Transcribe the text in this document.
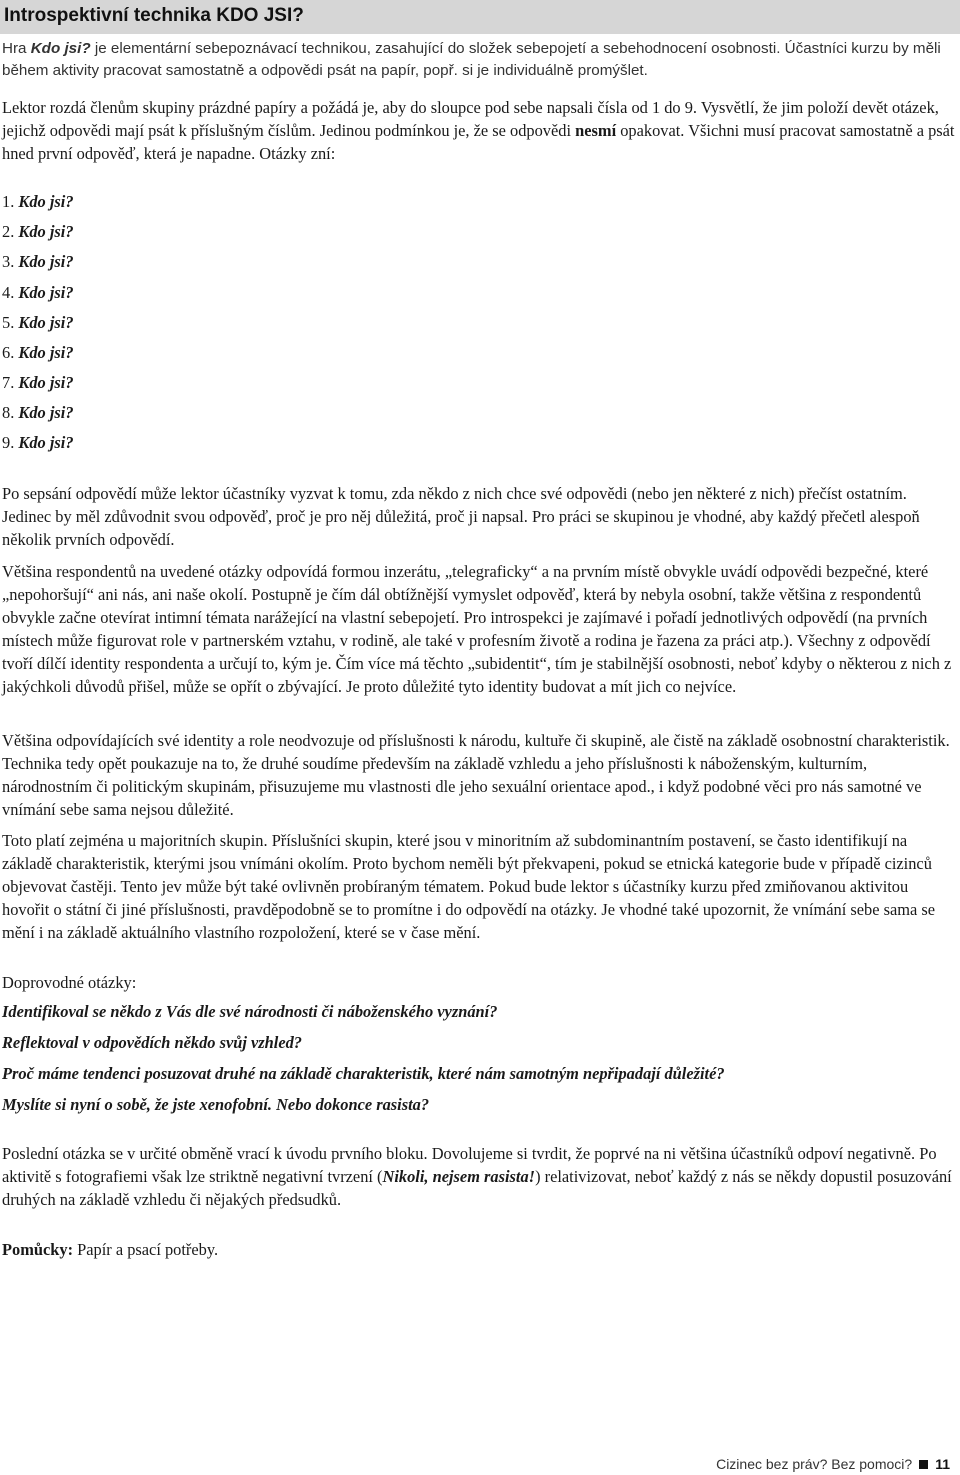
Introspektivní technika KDO JSI?

Hra Kdo jsi? je elementární sebepoznávací technikou, zasahující do složek sebepojetí a sebehodnocení osobnosti. Účastníci kurzu by měli během aktivity pracovat samostatně a odpovědi psát na papír, popř. si je individuálně promýšlet.

Lektor rozdá členům skupiny prázdné papíry a požádá je, aby do sloupce pod sebe napsali čísla od 1 do 9. Vysvětlí, že jim položí devět otázek, jejichž odpovědi mají psát k příslušným číslům. Jedinou podmínkou je, že se odpovědi nesmí opakovat. Všichni musí pracovat samostatně a psát hned první odpověď, která je napadne. Otázky zní:

1. Kdo jsi?

2. Kdo jsi?

3. Kdo jsi?

4. Kdo jsi?

5. Kdo jsi?

6. Kdo jsi?

7. Kdo jsi?

8. Kdo jsi?

9. Kdo jsi?

Po sepsání odpovědí může lektor účastníky vyzvat k tomu, zda někdo z nich chce své odpovědi (nebo jen některé z nich) přečíst ostatním. Jedinec by měl zdůvodnit svou odpověď, proč je pro něj důležitá, proč ji napsal. Pro práci se skupinou je vhodné, aby každý přečetl alespoň několik prvních odpovědí.

Většina respondentů na uvedené otázky odpovídá formou inzerátu, „telegraficky“ a na prvním místě obvykle uvádí odpovědi bezpečné, které „nepohoršují“ ani nás, ani naše okolí. Postupně je čím dál obtížnější vymyslet odpověď, která by nebyla osobní, takže většina z respondentů obvykle začne otevírat intimní témata narážející na vlastní sebepojetí. Pro introspekci je zajímavé i pořadí jednotlivých odpovědí (na prvních místech může figurovat role v partnerském vztahu, v rodině, ale také v profesním životě a rodina je řazena za práci atp.). Všechny z odpovědí tvoří dílčí identity respondenta a určují to, kým je. Čím více má těchto „subidentit“, tím je stabilnější osobnosti, neboť kdyby o některou z nich z jakýchkoli důvodů přišel, může se opřít o zbývající. Je proto důležité tyto identity budovat a mít jich co nejvíce.

Většina odpovídajících své identity a role neodvozuje od příslušnosti k národu, kultuře či skupině, ale čistě na základě osobnostní charakteristik. Technika tedy opět poukazuje na to, že druhé soudíme především na základě vzhledu a jeho příslušnosti k náboženským, kulturním, národnostním či politickým skupinám, přisuzujeme mu vlastnosti dle jeho sexuální orientace apod., i když podobné věci pro nás samotné ve vnímání sebe sama nejsou důležité.

Toto platí zejména u majoritních skupin. Příslušníci skupin, které jsou v minoritním až subdominantním postavení, se často identifikují na základě charakteristik, kterými jsou vnímáni okolím. Proto bychom neměli být překvapeni, pokud se etnická kategorie bude v případě cizinců objevovat častěji. Tento jev může být také ovlivněn probíraným tématem. Pokud bude lektor s účastníky kurzu před zmiňovanou aktivitou hovořit o státní či jiné příslušnosti, pravděpodobně se to promítne i do odpovědí na otázky. Je vhodné také upozornit, že vnímání sebe sama se mění i na základě aktuálního vlastního rozpoložení, které se v čase mění.

Doprovodné otázky:

Identifikoval se někdo z Vás dle své národnosti či náboženského vyznání?

Reflektoval v odpovědích někdo svůj vzhled?

Proč máme tendenci posuzovat druhé na základě charakteristik, které nám samotným nepřipadají důležité?

Myslíte si nyní o sobě, že jste xenofobní. Nebo dokonce rasista?

Poslední otázka se v určité obměně vrací k úvodu prvního bloku. Dovolujeme si tvrdit, že poprvé na ni většina účastníků odpoví negativně. Po aktivitě s fotografiemi však lze striktně negativní tvrzení (Nikoli, nejsem rasista!) relativizovat, neboť každý z nás se někdy dopustil posuzování druhých na základě vzhledu či nějakých předsudků.

Pomůcky: Papír a psací potřeby.

Cizinec bez práv? Bez pomoci? 11
